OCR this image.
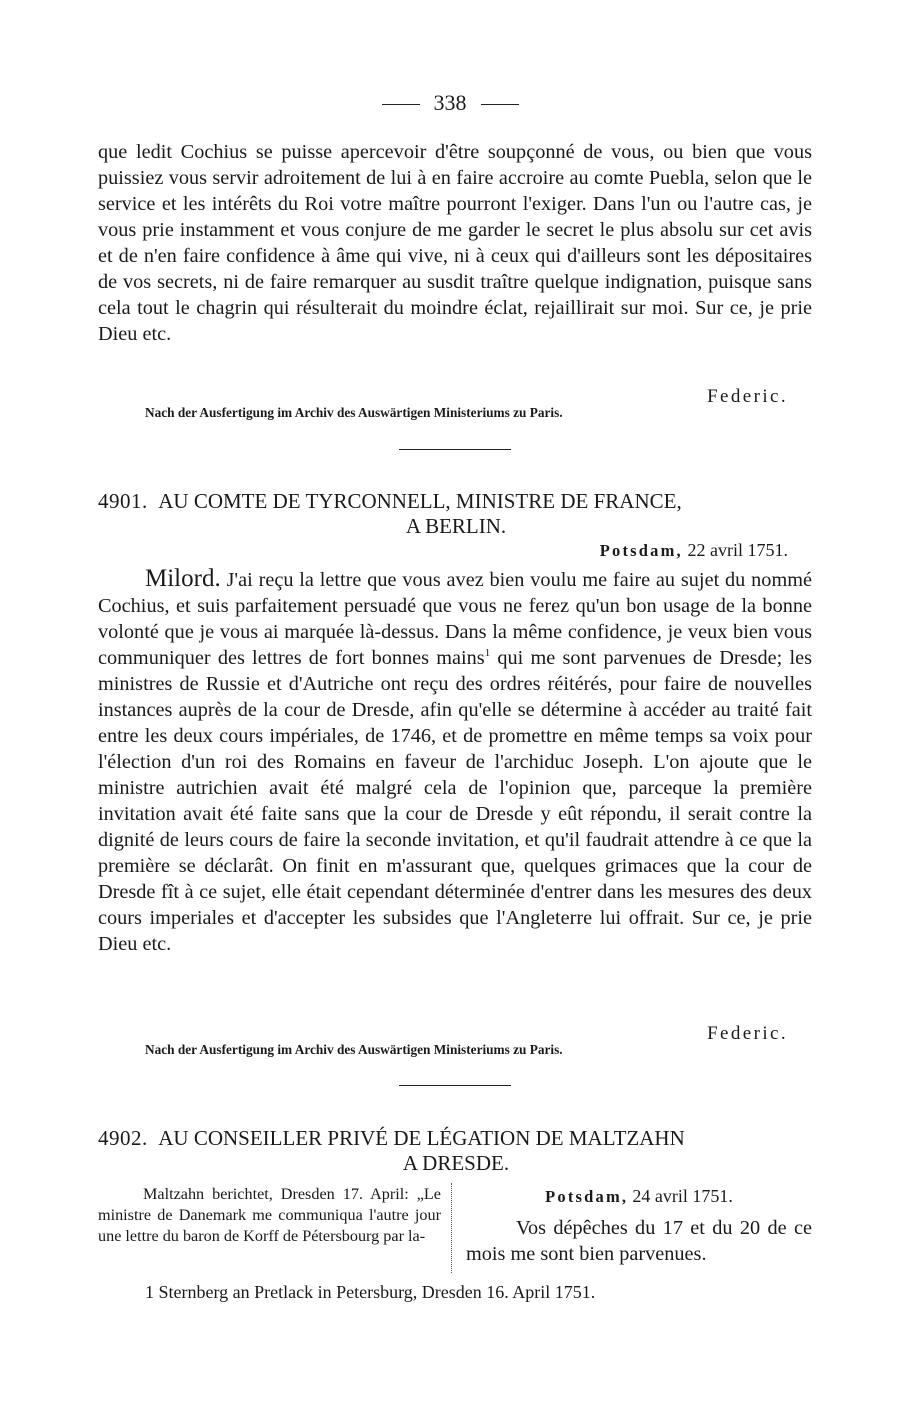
338

que ledit Cochius se puisse apercevoir d'être soupçonné de vous, ou bien que vous puissiez vous servir adroitement de lui à en faire accroire au comte Puebla, selon que le service et les intérêts du Roi votre maître pourront l'exiger. Dans l'un ou l'autre cas, je vous prie instamment et vous conjure de me garder le secret le plus absolu sur cet avis et de n'en faire confidence à âme qui vive, ni à ceux qui d'ailleurs sont les dépositaires de vos secrets, ni de faire remarquer au susdit traître quelque indignation, puisque sans cela tout le chagrin qui résulterait du moindre éclat, rejaillirait sur moi. Sur ce, je prie Dieu etc.

Federic.
Nach der Ausfertigung im Archiv des Auswärtigen Ministeriums zu Paris.
4901. AU COMTE DE TYRCONNELL, MINISTRE DE FRANCE,
A BERLIN.
Potsdam, 22 avril 1751.

Milord. J'ai reçu la lettre que vous avez bien voulu me faire au sujet du nommé Cochius, et suis parfaitement persuadé que vous ne ferez qu'un bon usage de la bonne volonté que je vous ai marquée là-dessus. Dans la même confidence, je veux bien vous communiquer des lettres de fort bonnes mains$^1$ qui me sont parvenues de Dresde; les ministres de Russie et d'Autriche ont reçu des ordres réitérés, pour faire de nouvelles instances auprès de la cour de Dresde, afin qu'elle se détermine à accéder au traité fait entre les deux cours impériales, de 1746, et de promettre en même temps sa voix pour l'élection d'un roi des Romains en faveur de l'archiduc Joseph. L'on ajoute que le ministre autrichien avait été malgré cela de l'opinion que, parceque la première invitation avait été faite sans que la cour de Dresde y eût répondu, il serait contre la dignité de leurs cours de faire la seconde invitation, et qu'il faudrait attendre à ce que la première se déclarât. On finit en m'assurant que, quelques grimaces que la cour de Dresde fît à ce sujet, elle était cependant déterminée d'entrer dans les mesures des deux cours imperiales et d'accepter les subsides que l'Angleterre lui offrait. Sur ce, je prie Dieu etc.

Federic.
Nach der Ausfertigung im Archiv des Auswärtigen Ministeriums zu Paris.
4902. AU CONSEILLER PRIVÉ DE LÉGATION DE MALTZAHN
A DRESDE.

Maltzahn berichtet, Dresden 17. April: „Le ministre de Danemark me communiqua l'autre jour une lettre du baron de Korff de Pétersbourg par la-

Potsdam, 24 avril 1751.

Vos dépêches du 17 et du 20 de ce mois me sont bien parvenues.

1 Sternberg an Pretlack in Petersburg, Dresden 16. April 1751.
